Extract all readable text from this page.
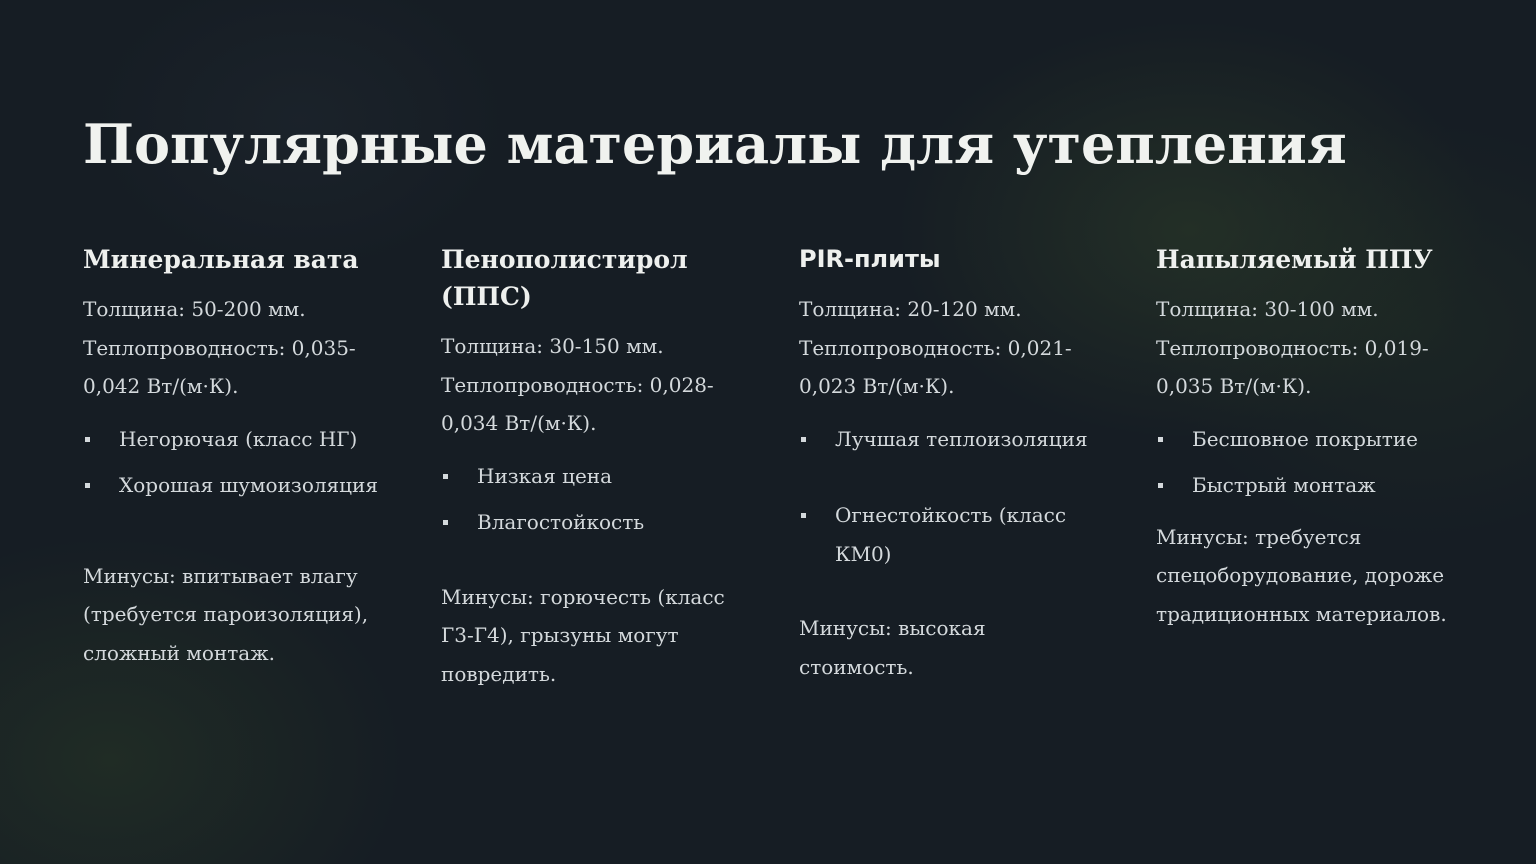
Популярные материалы для утепления
Минеральная вата

Толщина: 50-200 мм.
Теплопроводность: 0,035-0,042 Вт/(м·К).

Негорючая (класс НГ)
Хорошая шумоизоляция

Минусы: впитывает влагу (требуется пароизоляция), сложный монтаж.

Пенополистирол (ППС)

Толщина: 30-150 мм.
Теплопроводность: 0,028-0,034 Вт/(м·К).

Низкая цена
Влагостойкость

Минусы: горючесть (класс Г3-Г4), грызуны могут повредить.

PIR-плиты

Толщина: 20-120 мм.
Теплопроводность: 0,021-0,023 Вт/(м·К).

Лучшая теплоизоляция
Огнестойкость (класс КМ0)

Минусы: высокая стоимость.

Напыляемый ППУ

Толщина: 30-100 мм.
Теплопроводность: 0,019-0,035 Вт/(м·К).

Бесшовное покрытие
Быстрый монтаж

Минусы: требуется спецоборудование, дороже традиционных материалов.
